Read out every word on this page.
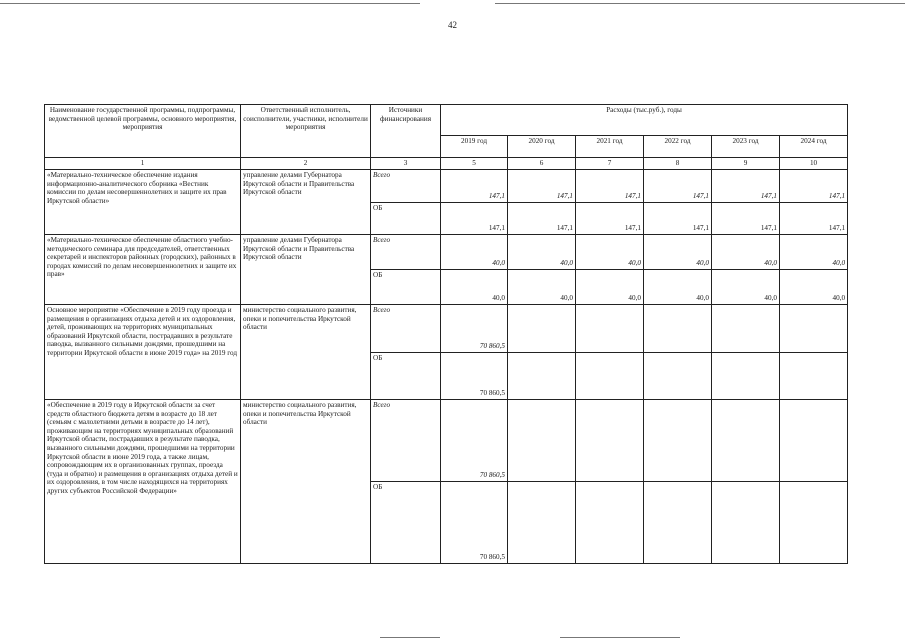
42
Наименование государственной программы, подпрограммы, ведомственной целевой программы, основного мероприятия, мероприятия	Ответственный исполнитель, соисполнители, участники, исполнители мероприятия	Источники финансирования	Расходы (тыс.руб.), годы					
			2019 год	2020 год	2021 год	2022 год	2023 год	2024 год
1	2	3	5	6	7	8	9	10
«Материально-техническое обеспечение издания информационно-аналитического сборника «Вестник комиссии по делам несовершеннолетних и защите их прав Иркутской области»	управление делами Губернатора Иркутской области и Правительства Иркутской области	Всего	147,1	147,1	147,1	147,1	147,1	147,1
		ОБ	147,1	147,1	147,1	147,1	147,1	147,1
«Материально-техническое обеспечение областного учебно-методического семинара для председателей, ответственных секретарей и инспекторов районных (городских), районных в городах комиссий по делам несовершеннолетних и защите их прав»	управление делами Губернатора Иркутской области и Правительства Иркутской области	Всего	40,0	40,0	40,0	40,0	40,0	40,0
		ОБ	40,0	40,0	40,0	40,0	40,0	40,0
Основное мероприятие «Обеспечение в 2019 году проезда и размещения в организациях отдыха детей и их оздоровления, детей, проживающих на территориях муниципальных образований Иркутской области, пострадавших в результате паводка, вызванного сильными дождями, прошедшими на территории Иркутской области в июне 2019 года» на 2019 год	министерство социального развития, опеки и попечительства Иркутской области	Всего	70 860,5					
		ОБ	70 860,5					
«Обеспечение в 2019 году в Иркутской области за счет средств областного бюджета детям в возрасте до 18 лет (семьям с малолетними детьми в возрасте до 14 лет), проживающим на территориях муниципальных образований Иркутской области, пострадавших в результате паводка, вызванного сильными дождями, прошедшими на территории Иркутской области в июне 2019 года, а также лицам, сопровождающим их в организованных группах, проезда (туда и обратно) и размещения в организациях отдыха детей и их оздоровления, в том числе находящихся на территориях других субъектов Российской Федерации»	министерство социального развития, опеки и попечительства Иркутской области	Всего	70 860,5					
		ОБ	70 860,5					
